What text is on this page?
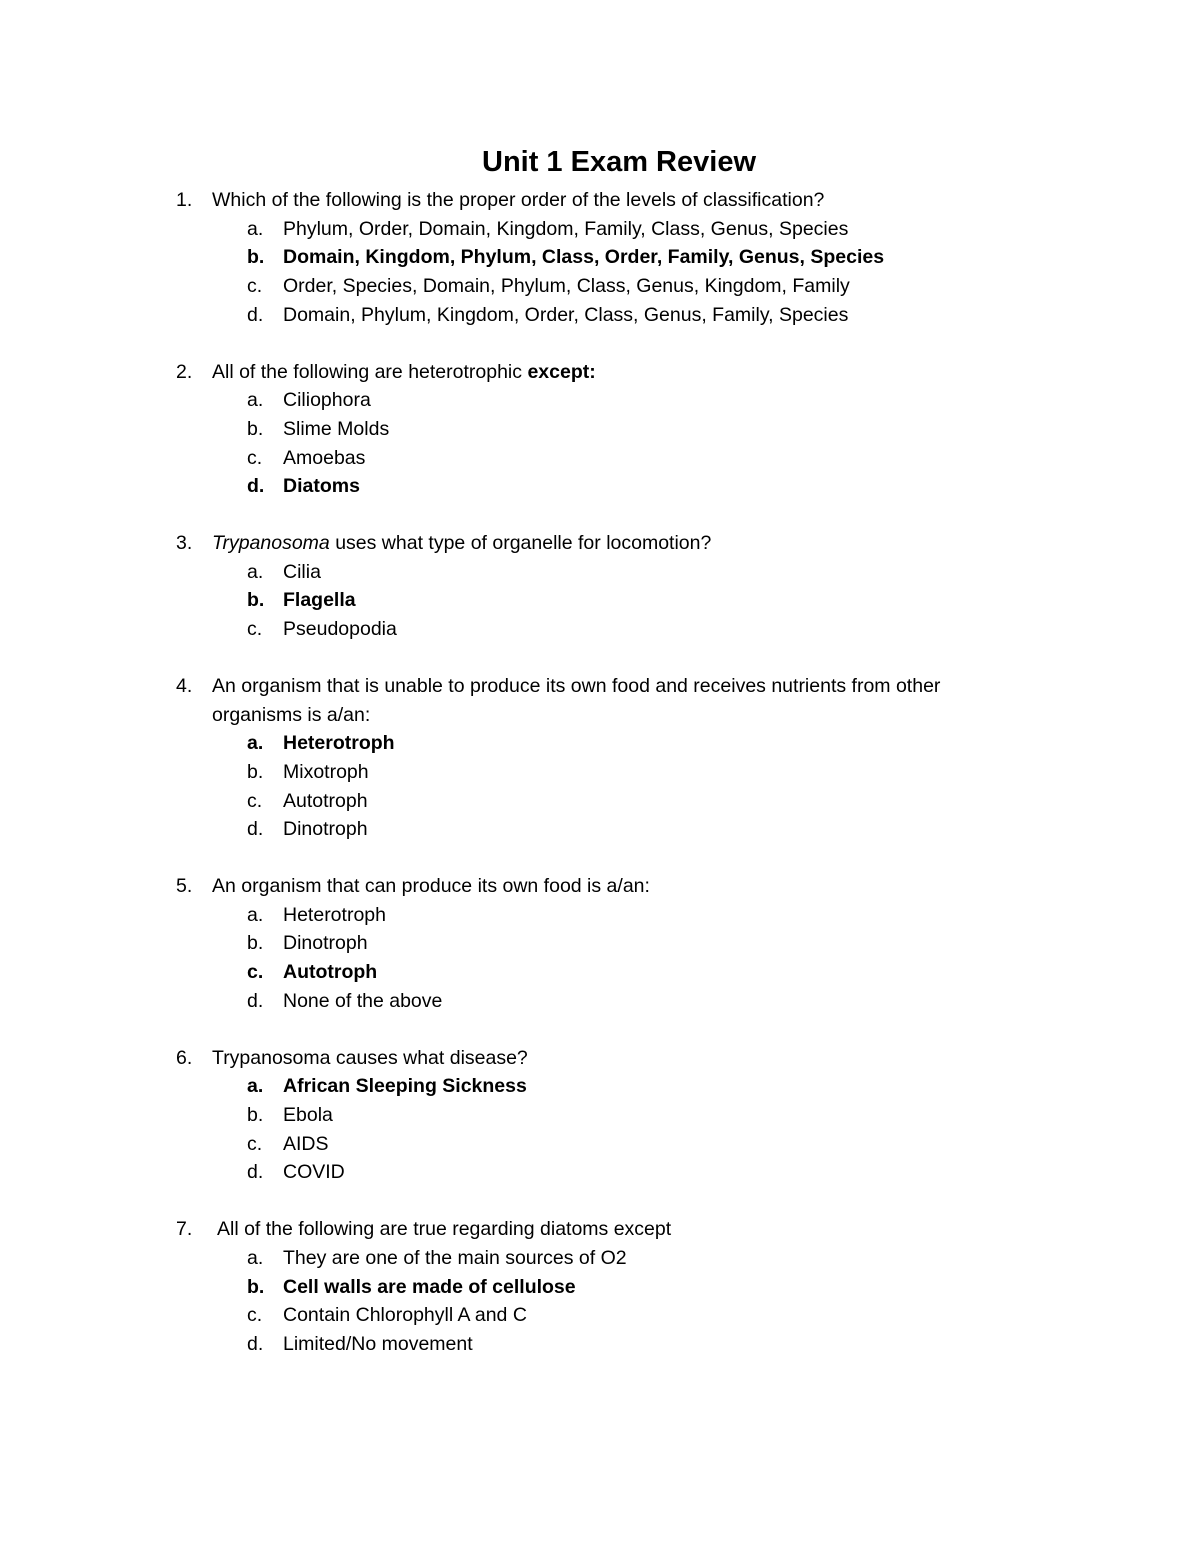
Unit 1 Exam Review
1. Which of the following is the proper order of the levels of classification?

a. Phylum, Order, Domain, Kingdom, Family, Class, Genus, Species

b. Domain, Kingdom, Phylum, Class, Order, Family, Genus, Species

c. Order, Species, Domain, Phylum, Class, Genus, Kingdom, Family

d. Domain, Phylum, Kingdom, Order, Class, Genus, Family, Species

2. All of the following are heterotrophic except:

a. Ciliophora

b. Slime Molds

c. Amoebas

d. Diatoms

3. Trypanosoma uses what type of organelle for locomotion?

a. Cilia

b. Flagella

c. Pseudopodia

4. An organism that is unable to produce its own food and receives nutrients from other

organisms is a/an:

a. Heterotroph

b. Mixotroph

c. Autotroph

d. Dinotroph

5. An organism that can produce its own food is a/an:

a. Heterotroph

b. Dinotroph

c. Autotroph

d. None of the above

6. Trypanosoma causes what disease?

a. African Sleeping Sickness

b. Ebola

c. AIDS

d. COVID

7. All of the following are true regarding diatoms except

a. They are one of the main sources of O2

b. Cell walls are made of cellulose

c. Contain Chlorophyll A and C

d. Limited/No movement
